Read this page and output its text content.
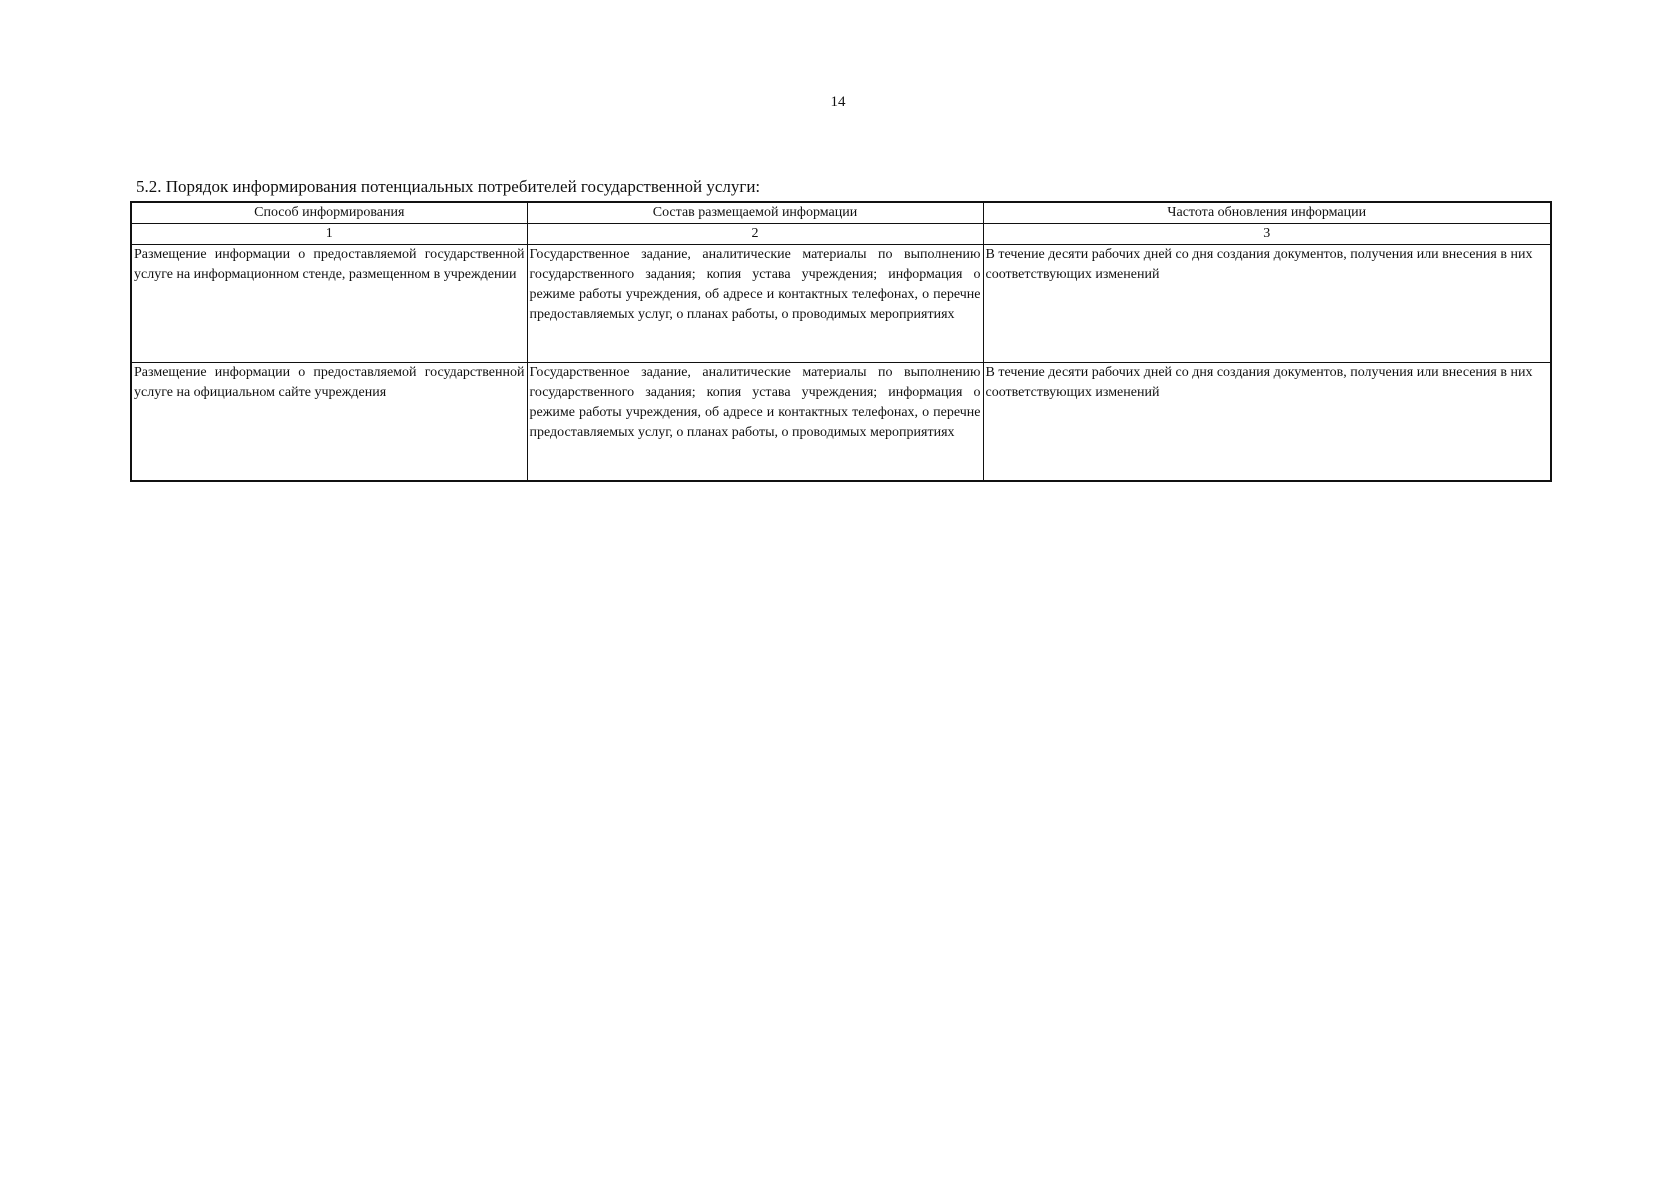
14
5.2. Порядок информирования потенциальных потребителей государственной услуги:
Способ информирования	Состав размещаемой информации	Частота обновления информации
1	2	3
Размещение информации о предоставляемой государственной услуге на информационном стенде, размещенном в учреждении	Государственное задание, аналитические материалы по выполнению государственного задания; копия устава учреждения; информация о режиме работы учреждения, об адресе и контактных телефонах, о перечне предоставляемых услуг, о планах работы, о проводимых мероприятиях	В течение десяти рабочих дней со дня создания документов, получения или внесения в них соответствующих изменений
Размещение информации о предоставляемой государственной услуге на официальном сайте учреждения	Государственное задание, аналитические материалы по выполнению государственного задания; копия устава учреждения; информация о режиме работы учреждения, об адресе и контактных телефонах, о перечне предоставляемых услуг, о планах работы, о проводимых мероприятиях	В течение десяти рабочих дней со дня создания документов, получения или внесения в них соответствующих изменений
